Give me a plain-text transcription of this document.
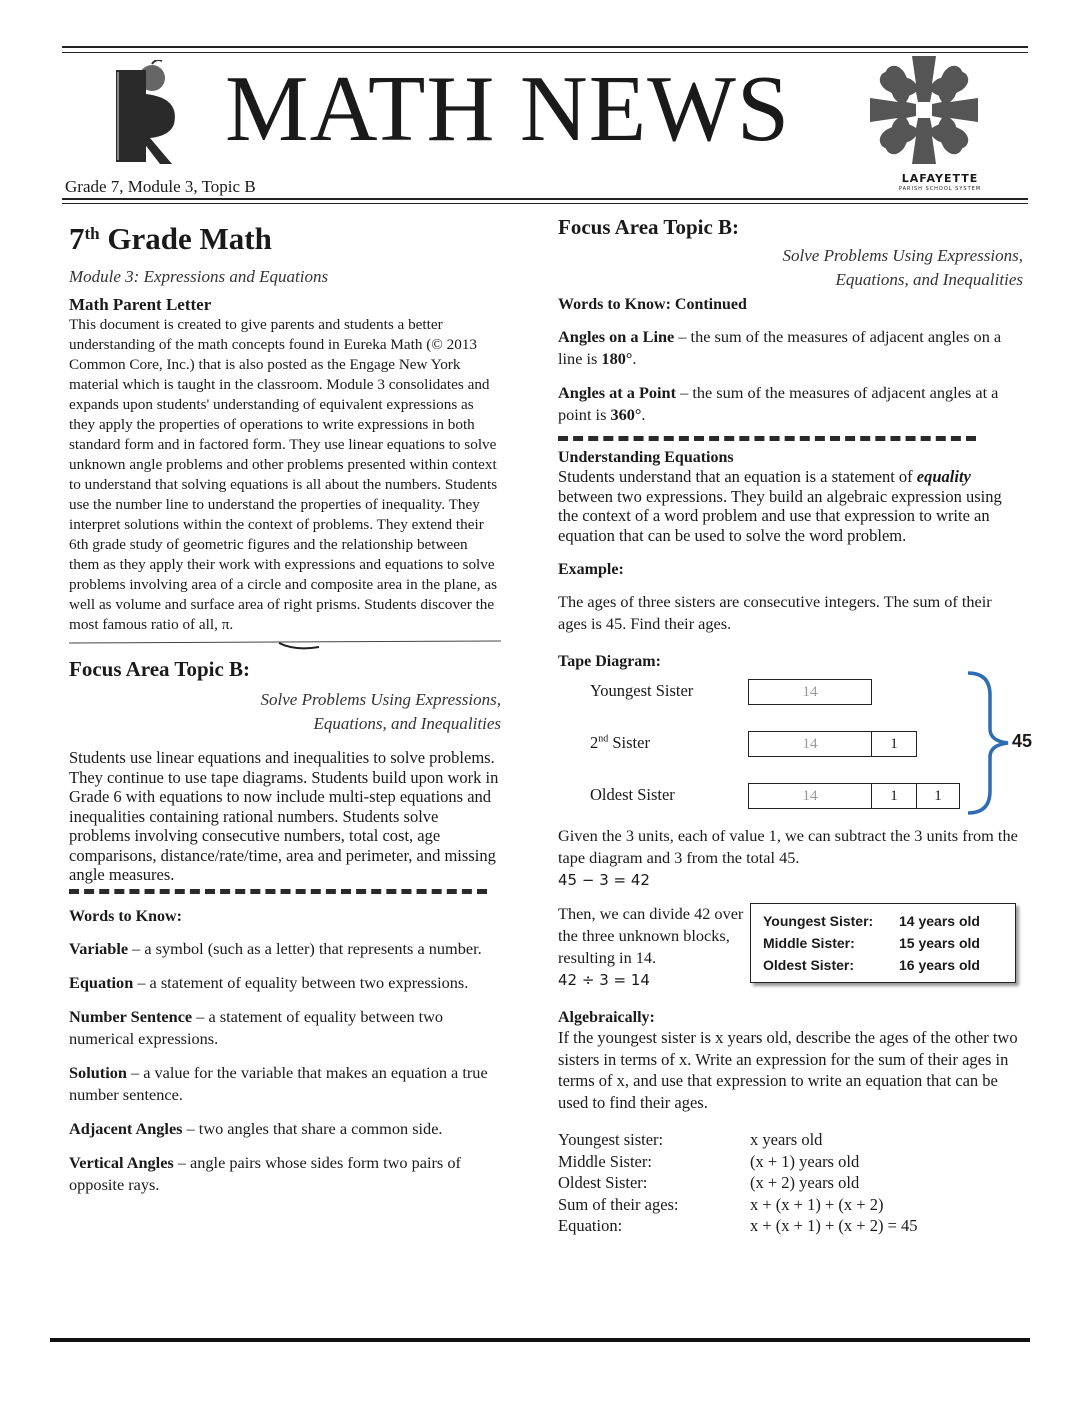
MATH NEWS
LAFAYETTE
PARISH SCHOOL SYSTEM
Grade 7, Module 3, Topic B
7th Grade Math
Module 3: Expressions and Equations
Math Parent Letter
This document is created to give parents and students a better understanding of the math concepts found in Eureka Math (© 2013 Common Core, Inc.) that is also posted as the Engage New York material which is taught in the classroom. Module 3 consolidates and expands upon students' understanding of equivalent expressions as they apply the properties of operations to write expressions in both standard form and in factored form. They use linear equations to solve unknown angle problems and other problems presented within context to understand that solving equations is all about the numbers. Students use the number line to understand the properties of inequality. They interpret solutions within the context of problems. They extend their 6th grade study of geometric figures and the relationship between them as they apply their work with expressions and equations to solve problems involving area of a circle and composite area in the plane, as well as volume and surface area of right prisms. Students discover the most famous ratio of all, π.
Focus Area Topic B:
Solve Problems Using Expressions,
Equations, and Inequalities
Students use linear equations and inequalities to solve problems. They continue to use tape diagrams. Students build upon work in Grade 6 with equations to now include multi-step equations and inequalities containing rational numbers. Students solve problems involving consecutive numbers, total cost, age comparisons, distance/rate/time, area and perimeter, and missing angle measures.
Words to Know:
Variable – a symbol (such as a letter) that represents a number.
Equation – a statement of equality between two expressions.
Number Sentence – a statement of equality between two numerical expressions.
Solution – a value for the variable that makes an equation a true number sentence.
Adjacent Angles – two angles that share a common side.
Vertical Angles – angle pairs whose sides form two pairs of opposite rays.
Focus Area Topic B:
Solve Problems Using Expressions,
Equations, and Inequalities
Words to Know: Continued
Angles on a Line – the sum of the measures of adjacent angles on a line is 180°.
Angles at a Point – the sum of the measures of adjacent angles at a point is 360°.
Understanding Equations
Students understand that an equation is a statement of equality between two expressions. They build an algebraic expression using the context of a word problem and use that expression to write an equation that can be used to solve the word problem.
Example:
The ages of three sisters are consecutive integers. The sum of their ages is 45. Find their ages.
Tape Diagram:
Youngest Sister
2nd Sister
Oldest Sister
14
14	1
14	1	1
45
Given the 3 units, each of value 1, we can subtract the 3 units from the tape diagram and 3 from the total 45.
45 − 3 = 42
Then, we can divide 42 over the three unknown blocks, resulting in 14.
42 ÷ 3 = 14
Youngest Sister:	14 years old
Middle Sister:	15 years old
Oldest Sister:	16 years old
Algebraically:
If the youngest sister is x years old, describe the ages of the other two sisters in terms of x. Write an expression for the sum of their ages in terms of x, and use that expression to write an equation that can be used to find their ages.
Youngest sister:	x years old
Middle Sister:	(x + 1) years old
Oldest Sister:	(x + 2) years old
Sum of their ages:	x + (x + 1) + (x + 2)
Equation:	x + (x + 1) + (x + 2) = 45
